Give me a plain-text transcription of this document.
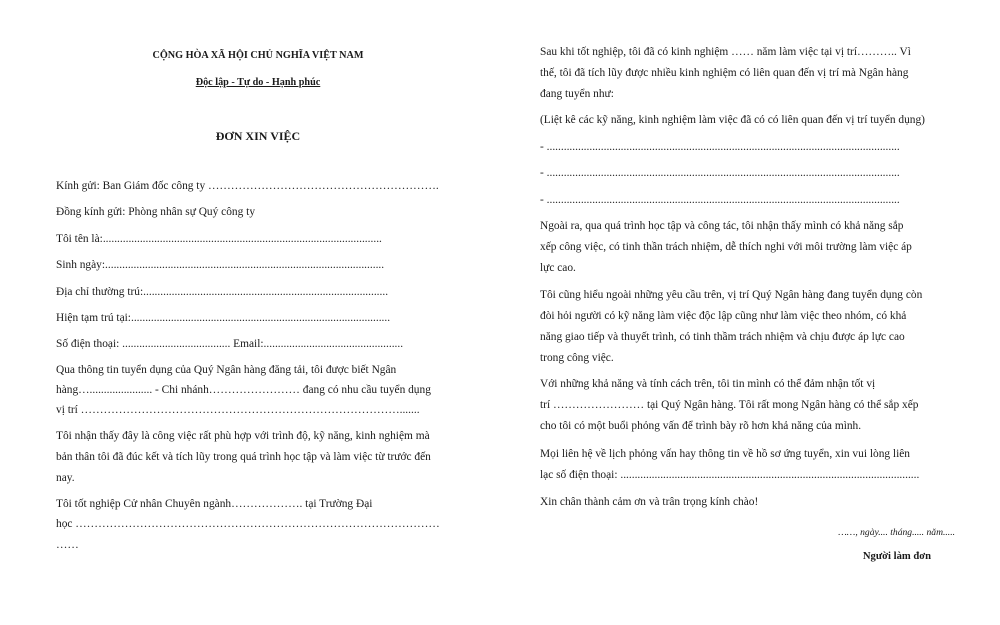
CỘNG HÒA XÃ HỘI CHỦ NGHĨA VIỆT NAM

Độc lập - Tự do - Hạnh phúc

ĐƠN XIN VIỆC

Kính gửi: Ban Giám đốc công ty …………………………………………………….

Đồng kính gửi: Phòng nhân sự Quý công ty

Tôi tên là:..................................................................................................

Sinh ngày:..................................................................................................

Địa chỉ thường trú:......................................................................................

Hiện tạm trú tại:...........................................................................................

Số điện thoại: ...................................... Email:.................................................

Qua thông tin tuyển dụng của Quý Ngân hàng đăng tải, tôi được biết Ngân

hàng…...................... - Chi nhánh…………………… đang có nhu cầu tuyển dụng

vị trí ………………………………………………………………………….......

Tôi nhận thấy đây là công việc rất phù hợp với trình độ, kỹ năng, kinh nghiệm mà

bản thân tôi đã đúc kết và tích lũy trong quá trình học tập và làm việc từ trước đến

nay.

Tôi tốt nghiệp Cử nhân Chuyên ngành………………. tại Trường Đại

học ……………………………………………………………………………………

……

Sau khi tốt nghiệp, tôi đã có kinh nghiệm …… năm làm việc tại vị trí……….. Vì

thế, tôi đã tích lũy được nhiều kinh nghiệm có liên quan đến vị trí mà Ngân hàng

đang tuyển như:

(Liệt kê các kỹ năng, kinh nghiệm làm việc đã có có liên quan đến vị trí tuyển dụng)

- ............................................................................................................................

- ............................................................................................................................

- ............................................................................................................................

Ngoài ra, qua quá trình học tập và công tác, tôi nhận thấy mình có khả năng sắp

xếp công việc, có tinh thần trách nhiệm, dễ thích nghi với môi trường làm việc áp

lực cao.

Tôi cũng hiểu ngoài những yêu cầu trên, vị trí Quý Ngân hàng đang tuyển dụng còn

đòi hỏi người có kỹ năng làm việc độc lập cũng như làm việc theo nhóm, có khả

năng giao tiếp và thuyết trình, có tinh thầm trách nhiệm và chịu được áp lực cao

trong công việc.

Với những khả năng và tính cách trên, tôi tin mình có thể đảm nhận tốt vị

trí …………………… tại Quý Ngân hàng. Tôi rất mong Ngân hàng có thể sắp xếp

cho tôi có một buổi phỏng vấn để trình bày rõ hơn khả năng của mình.

Mọi liên hệ về lịch phỏng vấn hay thông tin về hồ sơ ứng tuyển, xin vui lòng liên

lạc số điện thoại: .........................................................................................................

Xin chân thành cảm ơn và trân trọng kính chào!

……, ngày.... tháng..... năm.....

Người làm đơn
